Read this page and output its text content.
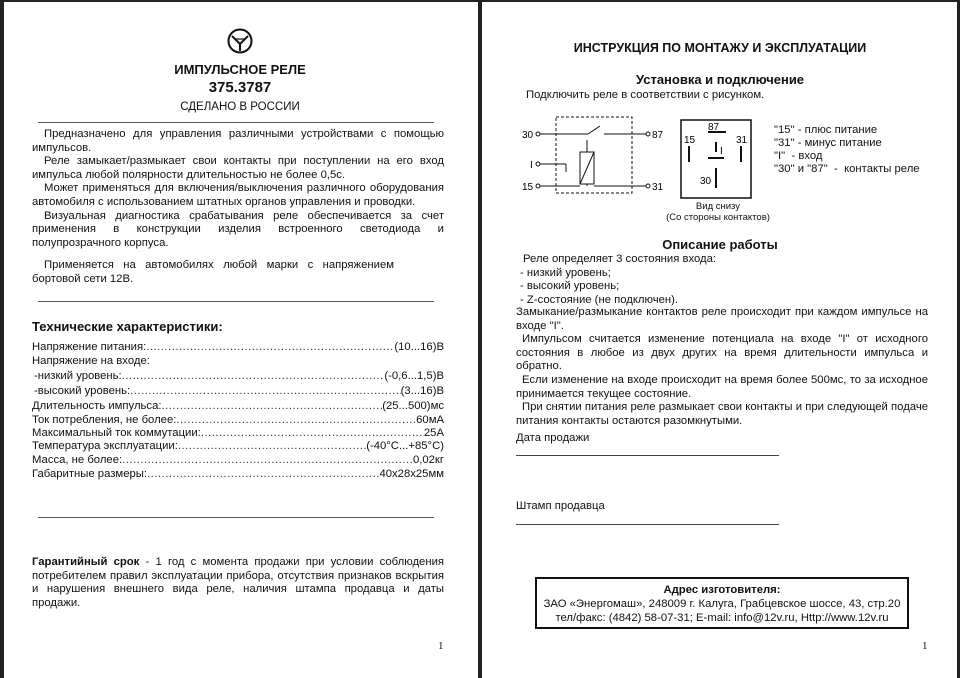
ИМПУЛЬСНОЕ РЕЛЕ
375.3787
СДЕЛАНО В РОССИИ

Предназначено для управления различными устройствами с помощью импульсов.

Реле замыкает/размыкает свои контакты при поступлении на его вход импульса любой полярности длительностью не более 0,5с.

Может применяться для включения/выключения различного оборудования автомобиля с использованием штатных органов управления и проводки.

Визуальная диагностика срабатывания реле обеспечивается за счет применения в конструкции изделия встроенного светодиода и полупрозрачного корпуса.

Применяется на автомобилях любой марки с напряжением бортовой сети 12В.

Технические характеристики:
Напряжение питания: .....	(10...16)В
Напряжение на входе:
-низкий уровень: .....	(-0,6...1,5)В
-высокий уровень: .....	(3...16)В
Длительность импульса: .....	(25...500)мс
Ток потребления, не более: .....	60мА
Максимальный ток коммутации: .....	25А
Температура эксплуатации: .....	(-40°С...+85°С)
Масса, не более: .....	0,02кг
Габаритные размеры: .....	40х28х25мм

Гарантийный срок - 1 год с момента продажи при условии соблюдения потребителем правил эксплуатации прибора, отсутствия признаков вскрытия и нарушения внешнего вида реле, наличия штампа продавца и даты продажи.

1
ИНСТРУКЦИЯ ПО МОНТАЖУ И ЭКСПЛУАТАЦИИ
Установка и подключение
Подключить реле в соответствии с рисунком.
30	87
I
15	31
87
15	31
30
I
Вид снизу
(Со стороны контактов)
"15" - плюс питание
"31" - минус питание
"I"  - вход
"30" и "87"  -  контакты реле
Описание работы
Реле определяет 3 состояния входа:
- низкий уровень;
- высокий уровень;
- Z-состояние (не подключен).

Замыкание/размыкание контактов реле происходит при каждом импульсе на входе "I".

Импульсом считается изменение потенциала на входе "I" от исходного состояния в любое из двух других на время длительности импульса и обратно.

Если изменение на входе происходит на время более 500мс, то за исходное принимается текущее состояние.

При снятии питания реле размыкает свои контакты и при следующей подаче питания контакты остаются разомкнутыми.

Дата продажи
Штамп продавца
Адрес изготовителя:
ЗАО «Энергомаш», 248009 г. Калуга, Грабцевское шоссе, 43, стр.20
тел/факс: (4842) 58-07-31; E-mail: info@12v.ru, Http://www.12v.ru
1
